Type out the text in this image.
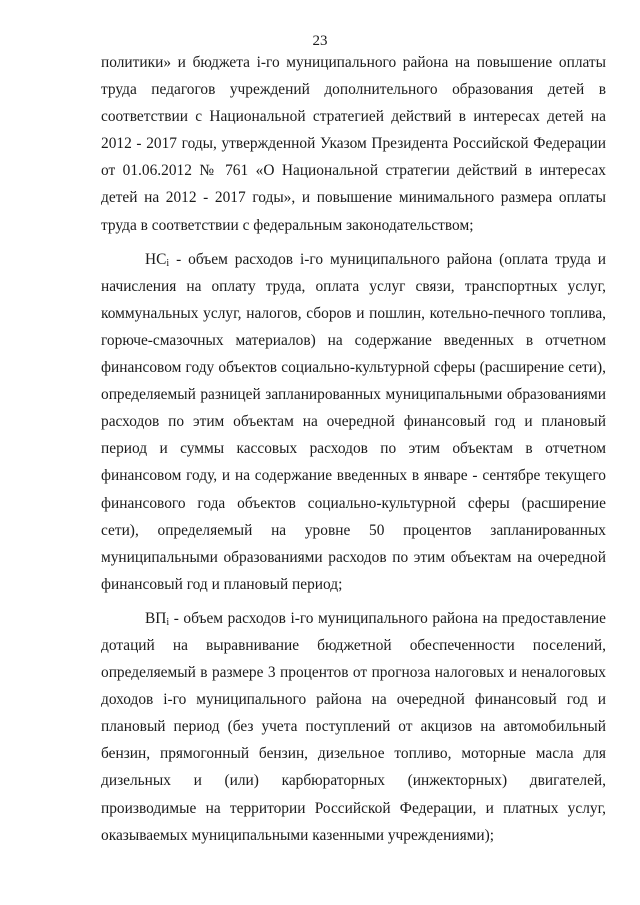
23

политики» и бюджета i-го муниципального района на повышение оплаты труда педагогов учреждений дополнительного образования детей в соответствии с Национальной стратегией действий в интересах детей на 2012 - 2017 годы, утвержденной Указом Президента Российской Федерации от 01.06.2012 № 761 «О Национальной стратегии действий в интересах детей на 2012 - 2017 годы», и повышение минимального размера оплаты труда в соответствии с федеральным законодательством;

$НС_i$ - объем расходов i-го муниципального района (оплата труда и начисления на оплату труда, оплата услуг связи, транспортных услуг, коммунальных услуг, налогов, сборов и пошлин, котельно-печного топлива, горюче-смазочных материалов) на содержание введенных в отчетном финансовом году объектов социально-культурной сферы (расширение сети), определяемый разницей запланированных муниципальными образованиями расходов по этим объектам на очередной финансовый год и плановый период и суммы кассовых расходов по этим объектам в отчетном финансовом году, и на содержание введенных в январе - сентябре текущего финансового года объектов социально-культурной сферы (расширение сети), определяемый на уровне 50 процентов запланированных муниципальными образованиями расходов по этим объектам на очередной финансовый год и плановый период;

$ВП_i$ - объем расходов i-го муниципального района на предоставление дотаций на выравнивание бюджетной обеспеченности поселений, определяемый в размере 3 процентов от прогноза налоговых и неналоговых доходов i-го муниципального района на очередной финансовый год и плановый период (без учета поступлений от акцизов на автомобильный бензин, прямогонный бензин, дизельное топливо, моторные масла для дизельных и (или) карбюраторных (инжекторных) двигателей, производимые на территории Российской Федерации, и платных услуг, оказываемых муниципальными казенными учреждениями);
